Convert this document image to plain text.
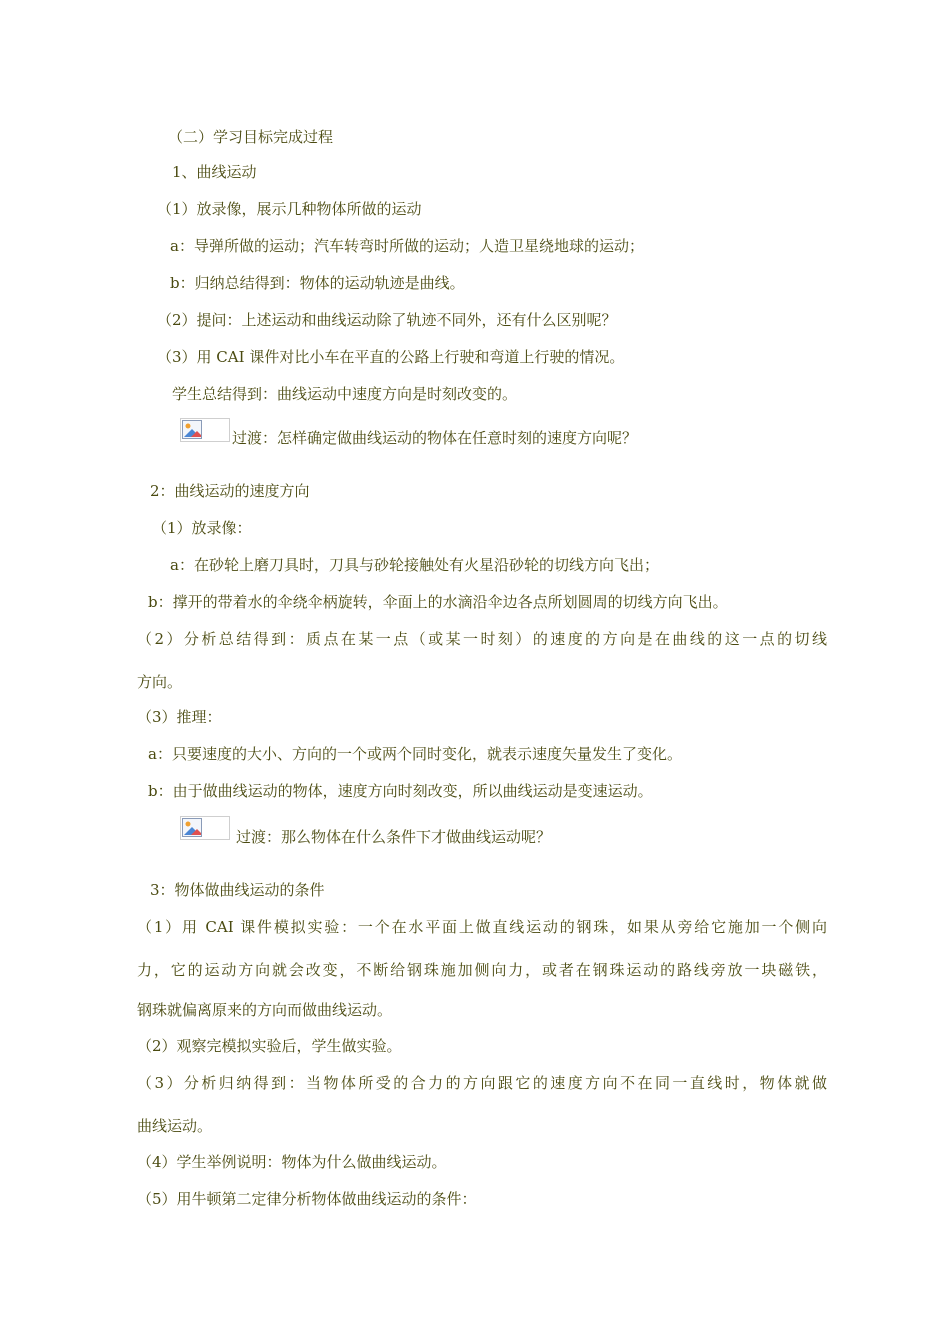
（二）学习目标完成过程
1、曲线运动
（1）放录像，展示几种物体所做的运动
a：导弹所做的运动；汽车转弯时所做的运动；人造卫星绕地球的运动；
b：归纳总结得到：物体的运动轨迹是曲线。
（2）提问：上述运动和曲线运动除了轨迹不同外，还有什么区别呢？
（3）用 CAI 课件对比小车在平直的公路上行驶和弯道上行驶的情况。
学生总结得到：曲线运动中速度方向是时刻改变的。
过渡：怎样确定做曲线运动的物体在任意时刻的速度方向呢？
2：曲线运动的速度方向
（1）放录像：
a：在砂轮上磨刀具时，刀具与砂轮接触处有火星沿砂轮的切线方向飞出；
b：撑开的带着水的伞绕伞柄旋转，伞面上的水滴沿伞边各点所划圆周的切线方向飞出。
（2）分析总结得到：质点在某一点（或某一时刻）的速度的方向是在曲线的这一点的切线
方向。
（3）推理：
a：只要速度的大小、方向的一个或两个同时变化，就表示速度矢量发生了变化。
b：由于做曲线运动的物体，速度方向时刻改变，所以曲线运动是变速运动。
过渡：那么物体在什么条件下才做曲线运动呢？
3：物体做曲线运动的条件
（1）用 CAI 课件模拟实验：一个在水平面上做直线运动的钢珠，如果从旁给它施加一个侧向
力，它的运动方向就会改变，不断给钢珠施加侧向力，或者在钢珠运动的路线旁放一块磁铁，
钢珠就偏离原来的方向而做曲线运动。
（2）观察完模拟实验后，学生做实验。
（3）分析归纳得到：当物体所受的合力的方向跟它的速度方向不在同一直线时，物体就做
曲线运动。
（4）学生举例说明：物体为什么做曲线运动。
（5）用牛顿第二定律分析物体做曲线运动的条件：
